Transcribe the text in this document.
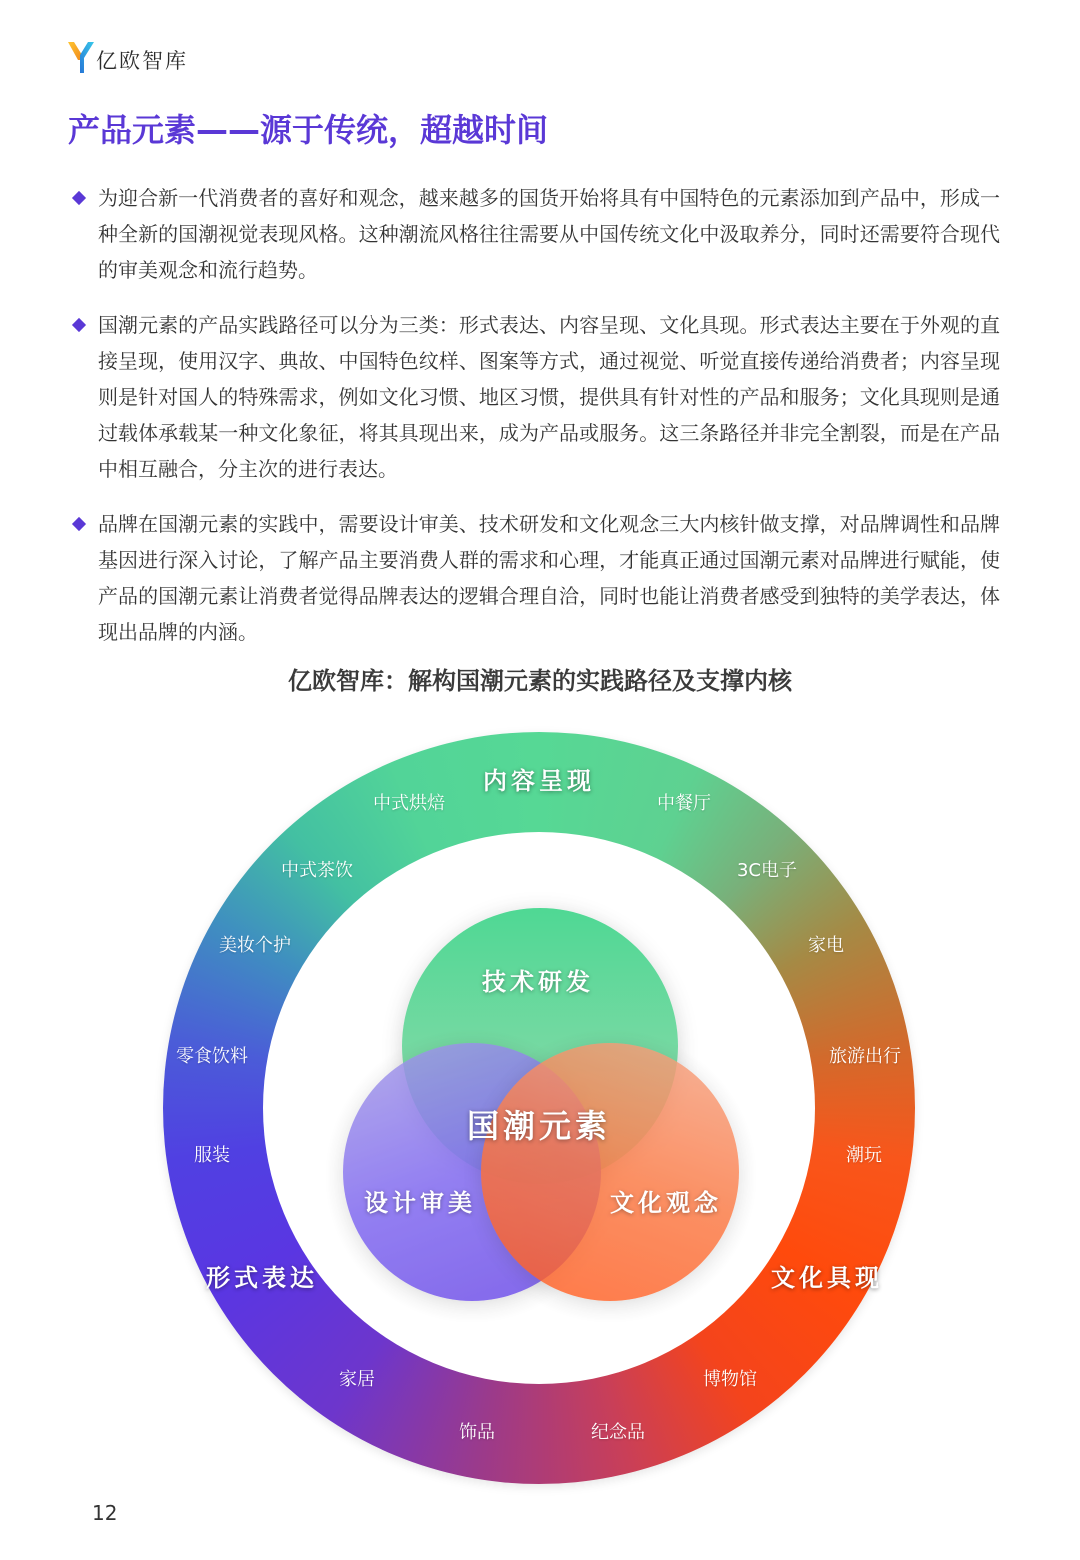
亿欧智库
产品元素——源于传统，超越时间

为迎合新一代消费者的喜好和观念，越来越多的国货开始将具有中国特色的元素添加到产品中，形成一种全新的国潮视觉表现风格。这种潮流风格往往需要从中国传统文化中汲取养分，同时还需要符合现代的审美观念和流行趋势。

国潮元素的产品实践路径可以分为三类：形式表达、内容呈现、文化具现。形式表达主要在于外观的直接呈现，使用汉字、典故、中国特色纹样、图案等方式，通过视觉、听觉直接传递给消费者；内容呈现则是针对国人的特殊需求，例如文化习惯、地区习惯，提供具有针对性的产品和服务；文化具现则是通过载体承载某一种文化象征，将其具现出来，成为产品或服务。这三条路径并非完全割裂，而是在产品中相互融合，分主次的进行表达。

品牌在国潮元素的实践中，需要设计审美、技术研发和文化观念三大内核针做支撑，对品牌调性和品牌基因进行深入讨论，了解产品主要消费人群的需求和心理，才能真正通过国潮元素对品牌进行赋能，使产品的国潮元素让消费者觉得品牌表达的逻辑合理自洽，同时也能让消费者感受到独特的美学表达，体现出品牌的内涵。

亿欧智库：解构国潮元素的实践路径及支撑内核
内容呈现
文化具现
形式表达
中餐厅
3C电子
家电
旅游出行
潮玩
博物馆
纪念品
饰品
家居
服装
零食饮料
美妆个护
中式茶饮
中式烘焙
技术研发
设计审美	文化观念
国潮元素
12
